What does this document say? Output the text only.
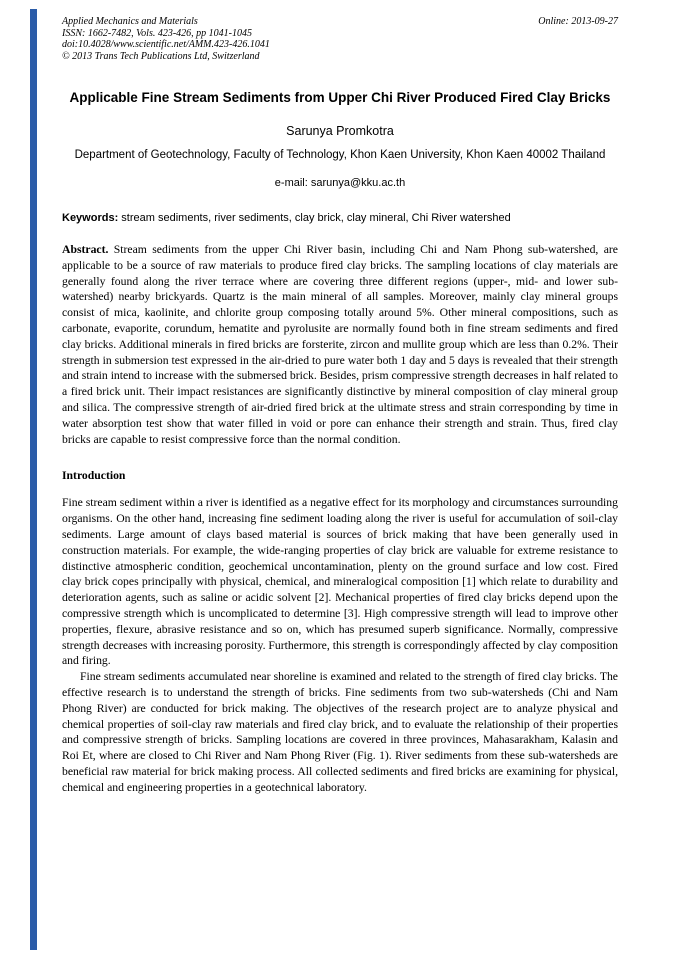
Applied Mechanics and Materials
ISSN: 1662-7482, Vols. 423-426, pp 1041-1045
doi:10.4028/www.scientific.net/AMM.423-426.1041
© 2013 Trans Tech Publications Ltd, Switzerland
Online: 2013-09-27
Applicable Fine Stream Sediments from Upper Chi River Produced Fired Clay Bricks
Sarunya Promkotra
Department of Geotechnology, Faculty of Technology, Khon Kaen University, Khon Kaen 40002 Thailand
e-mail: sarunya@kku.ac.th
Keywords: stream sediments, river sediments, clay brick, clay mineral, Chi River watershed
Abstract. Stream sediments from the upper Chi River basin, including Chi and Nam Phong sub-watershed, are applicable to be a source of raw materials to produce fired clay bricks. The sampling locations of clay materials are generally found along the river terrace where are covering three different regions (upper-, mid- and lower sub-watershed) nearby brickyards. Quartz is the main mineral of all samples. Moreover, mainly clay mineral groups consist of mica, kaolinite, and chlorite group composing totally around 5%. Other mineral compositions, such as carbonate, evaporite, corundum, hematite and pyrolusite are normally found both in fine stream sediments and fired clay bricks. Additional minerals in fired bricks are forsterite, zircon and mullite group which are less than 0.2%. Their strength in submersion test expressed in the air-dried to pure water both 1 day and 5 days is revealed that their strength and strain intend to increase with the submersed brick. Besides, prism compressive strength decreases in half related to a fired brick unit. Their impact resistances are significantly distinctive by mineral composition of clay mineral group and silica. The compressive strength of air-dried fired brick at the ultimate stress and strain corresponding by time in water absorption test show that water filled in void or pore can enhance their strength and strain. Thus, fired clay bricks are capable to resist compressive force than the normal condition.
Introduction

Fine stream sediment within a river is identified as a negative effect for its morphology and circumstances surrounding organisms. On the other hand, increasing fine sediment loading along the river is useful for accumulation of soil-clay sediments. Large amount of clays based material is sources of brick making that have been generally used in construction materials. For example, the wide-ranging properties of clay brick are valuable for extreme resistance to distinctive atmospheric condition, geochemical uncontamination, plenty on the ground surface and low cost. Fired clay brick copes principally with physical, chemical, and mineralogical composition [1] which relate to durability and deterioration agents, such as saline or acidic solvent [2]. Mechanical properties of fired clay bricks depend upon the compressive strength which is uncomplicated to determine [3]. High compressive strength will lead to improve other properties, flexure, abrasive resistance and so on, which has presumed superb significance. Normally, compressive strength decreases with increasing porosity. Furthermore, this strength is correspondingly affected by clay composition and firing.

Fine stream sediments accumulated near shoreline is examined and related to the strength of fired clay bricks. The effective research is to understand the strength of bricks. Fine sediments from two sub-watersheds (Chi and Nam Phong River) are conducted for brick making. The objectives of the research project are to analyze physical and chemical properties of soil-clay raw materials and fired clay brick, and to evaluate the relationship of their properties and compressive strength of bricks. Sampling locations are covered in three provinces, Mahasarakham, Kalasin and Roi Et, where are closed to Chi River and Nam Phong River (Fig. 1). River sediments from these sub-watersheds are beneficial raw material for brick making process. All collected sediments and fired bricks are examining for physical, chemical and engineering properties in a geotechnical laboratory.
